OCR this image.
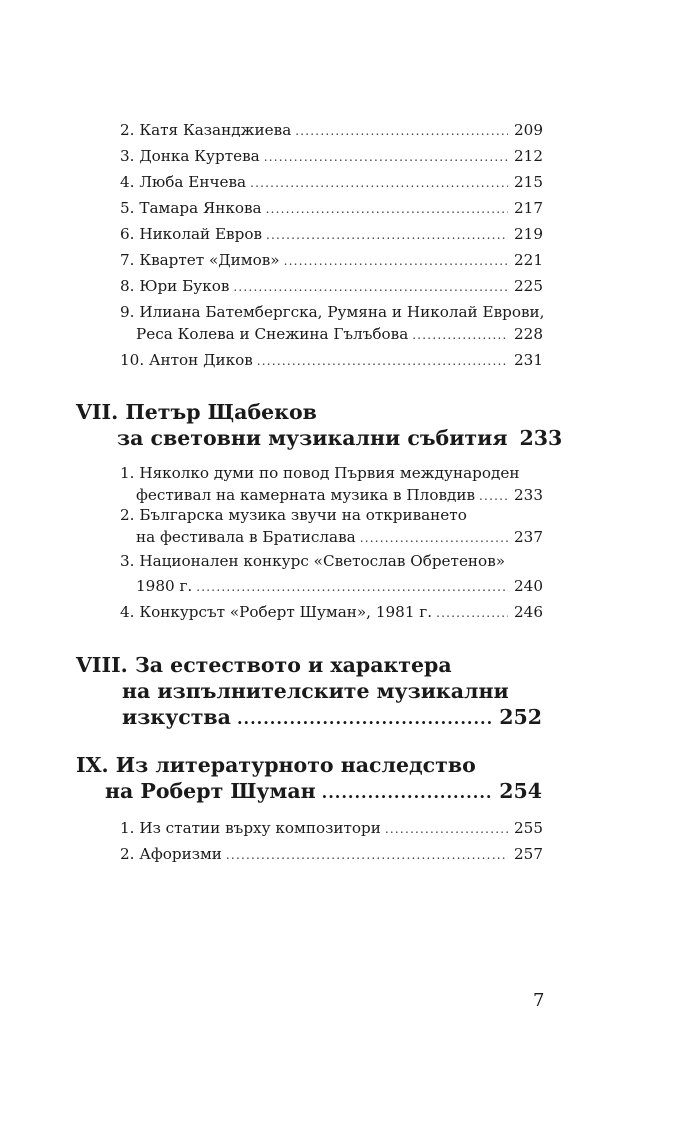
2. Катя Казанджиева .....	209
3. Донка Куртева .....	212
4. Люба Енчева .....	215
5. Тамара Янкова .....	217
6. Николай Евров .....	219
7. Квартет «Димов» .....	221
8. Юри Буков .....	225
9. Илиана Батембергска, Румяна и Николай Еврови,
Реса Колева и Снежина Гълъбова .....	228
10. Антон Диков .....	231
VII. Петър Щабеков
за световни музикални събития 233
1. Няколко думи по повод Първия международен
фестивал на камерната музика в Пловдив .....	233
2. Българска музика звучи на откриването
на фестивала в Братислава .....	237
3. Национален конкурс «Светослав Обретенов»
1980 г. .....	240
4. Конкурсът «Роберт Шуман», 1981 г. .....	246
VIII. За естеството и характера
на изпълнителските музикални
изкуства .....	252
IX. Из литературното наследство
на Роберт Шуман .....	254
1. Из статии върху композитори .....	255
2. Афоризми .....	257
7
